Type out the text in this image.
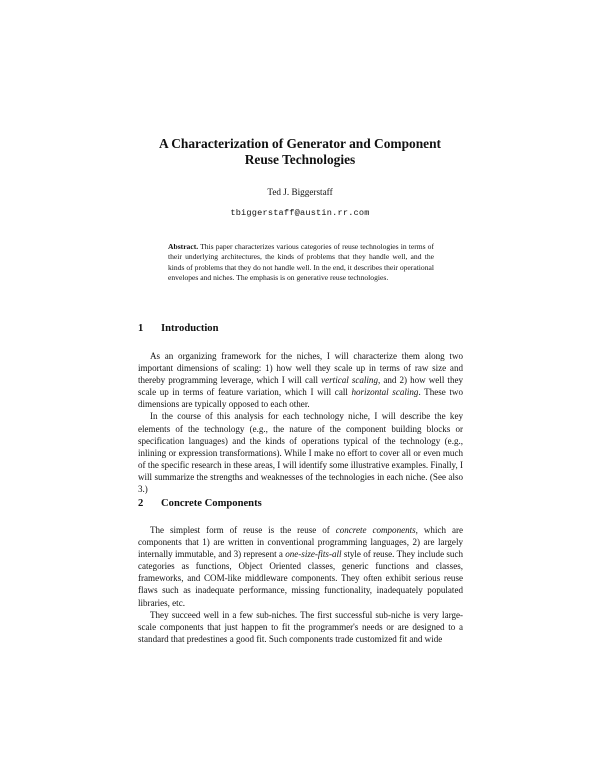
A Characterization of Generator and Component
Reuse Technologies
Ted J. Biggerstaff
tbiggerstaff@austin.rr.com
Abstract. This paper characterizes various categories of reuse technologies in terms of their underlying architectures, the kinds of problems that they handle well, and the kinds of problems that they do not handle well. In the end, it describes their operational envelopes and niches. The emphasis is on generative reuse technologies.
1 Introduction

As an organizing framework for the niches, I will characterize them along two important dimensions of scaling: 1) how well they scale up in terms of raw size and thereby programming leverage, which I will call vertical scaling, and 2) how well they scale up in terms of feature variation, which I will call horizontal scaling. These two dimensions are typically opposed to each other.

In the course of this analysis for each technology niche, I will describe the key elements of the technology (e.g., the nature of the component building blocks or specification languages) and the kinds of operations typical of the technology (e.g., inlining or expression transformations). While I make no effort to cover all or even much of the specific research in these areas, I will identify some illustrative examples. Finally, I will summarize the strengths and weaknesses of the technologies in each niche. (See also 3.)

2 Concrete Components

The simplest form of reuse is the reuse of concrete components, which are components that 1) are written in conventional programming languages, 2) are largely internally immutable, and 3) represent a one-size-fits-all style of reuse. They include such categories as functions, Object Oriented classes, generic functions and classes, frameworks, and COM-like middleware components. They often exhibit serious reuse flaws such as inadequate performance, missing functionality, inadequately populated libraries, etc.

They succeed well in a few sub-niches. The first successful sub-niche is very large-scale components that just happen to fit the programmer's needs or are designed to a standard that predestines a good fit. Such components trade customized fit and wide
